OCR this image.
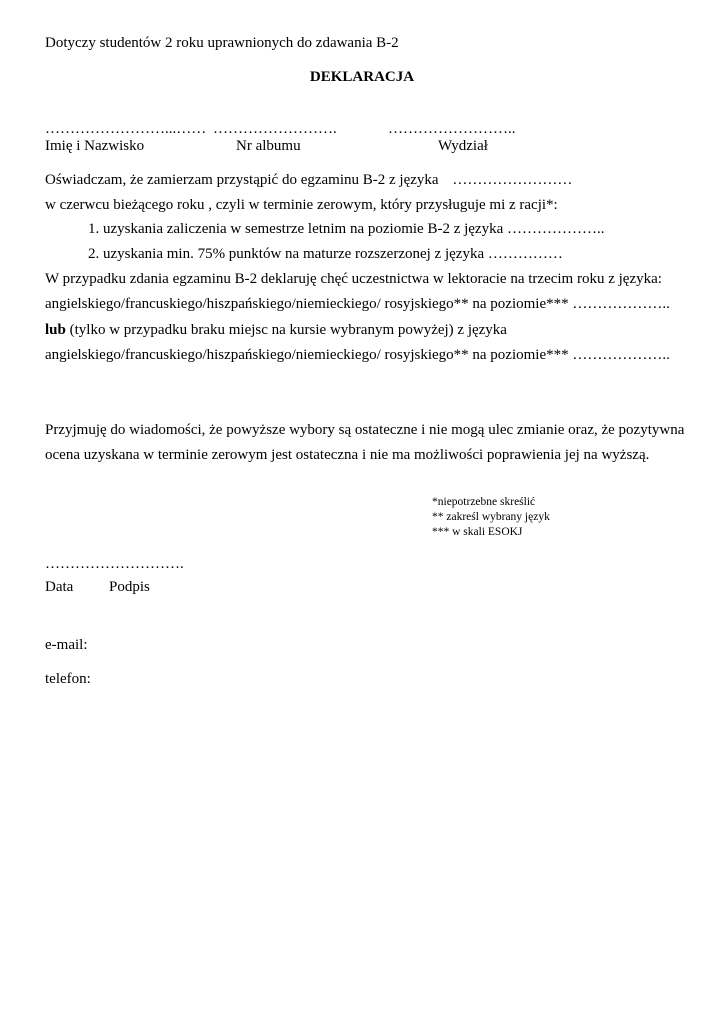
Dotyczy studentów 2 roku uprawnionych do zdawania B-2
DEKLARACJA
……………………...…… …………………….	……………………..
Imię i Nazwisko	Nr albumu	Wydział
Oświadczam, że zamierzam przystąpić do egzaminu B-2 z języka ……………………
w czerwcu bieżącego roku , czyli w terminie zerowym, który przysługuje mi z racji*:
1. uzyskania zaliczenia w semestrze letnim na poziomie B-2 z języka ………………..
2. uzyskania min. 75% punktów na maturze rozszerzonej z języka ……………
W przypadku zdania egzaminu B-2 deklaruję chęć uczestnictwa w lektoracie na trzecim roku z języka:
angielskiego/francuskiego/hiszpańskiego/niemieckiego/ rosyjskiego** na poziomie*** ………………..
lub (tylko w przypadku braku miejsc na kursie wybranym powyżej) z języka
angielskiego/francuskiego/hiszpańskiego/niemieckiego/ rosyjskiego** na poziomie*** ………………..
Przyjmuję do wiadomości, że powyższe wybory są ostateczne i nie mogą ulec zmianie oraz, że pozytywna
ocena uzyskana w terminie zerowym jest ostateczna i nie ma możliwości poprawienia jej na wyższą.
*niepotrzebne skreślić
** zakreśl wybrany język
*** w skali ESOKJ
……………………….
Data Podpis
e-mail:
telefon:
